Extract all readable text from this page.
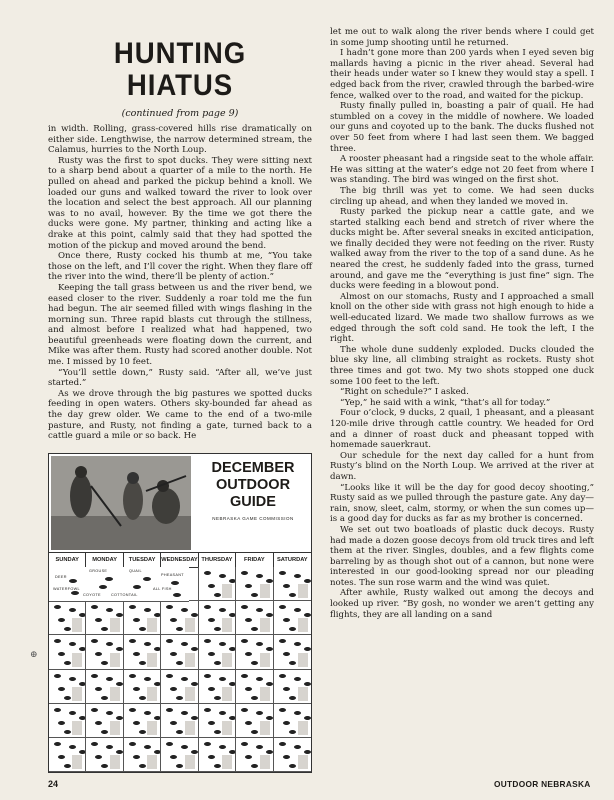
HUNTING HIATUS
(continued from page 9)

in width. Rolling, grass-covered hills rise dramatically on either side. Lengthwise, the narrow determined stream, the Calamus, hurries to the North Loup.

Rusty was the first to spot ducks. They were sitting next to a sharp bend about a quarter of a mile to the north. He pulled on ahead and parked the pickup behind a knoll. We loaded our guns and walked toward the river to look over the location and select the best approach. All our planning was to no avail, however. By the time we got there the ducks were gone. My partner, thinking and acting like a drake at this point, calmly said that they had spotted the motion of the pickup and moved around the bend.

Once there, Rusty cocked his thumb at me, “You take those on the left, and I’ll cover the right. When they flare off the river into the wind, there’ll be plenty of action.”

Keeping the tall grass between us and the river bend, we eased closer to the river. Suddenly a roar told me the fun had begun. The air seemed filled with wings flashing in the morning sun. Three rapid blasts cut through the stillness, and almost before I realized what had happened, two beautiful greenheads were floating down the current, and Mike was after them. Rusty had scored another double. Not me. I missed by 10 feet.

“You’ll settle down,” Rusty said. “After all, we’ve just started.”

As we drove through the big pastures we spotted ducks feeding in open waters. Others sky-bounded far ahead as the day grew older. We came to the end of a two-mile pasture, and Rusty, not finding a gate, turned back to a cattle guard a mile or so back. He

let me out to walk along the river bends where I could get in some jump shooting until he returned.

I hadn’t gone more than 200 yards when I eyed seven big mallards having a picnic in the river ahead. Several had their heads under water so I knew they would stay a spell. I edged back from the river, crawled through the barbed-wire fence, walked over to the road, and waited for the pickup.

Rusty finally pulled in, boasting a pair of quail. He had stumbled on a covey in the middle of nowhere. We loaded our guns and coyoted up to the bank. The ducks flushed not over 50 feet from where I had last seen them. We bagged three.

A rooster pheasant had a ringside seat to the whole affair. He was sitting at the water’s edge not 20 feet from where I was standing. The bird was winged on the first shot.

The big thrill was yet to come. We had seen ducks circling up ahead, and when they landed we moved in.

Rusty parked the pickup near a cattle gate, and we started stalking each bend and stretch of river where the ducks might be. After several sneaks in excited anticipation, we finally decided they were not feeding on the river. Rusty walked away from the river to the top of a sand dune. As he neared the crest, he suddenly faded into the grass, turned around, and gave me the “everything is just fine” sign. The ducks were feeding in a blowout pond.

Almost on our stomachs, Rusty and I approached a small knoll on the other side with grass not high enough to hide a well-educated lizard. We made two shallow furrows as we edged through the soft cold sand. He took the left, I the right.

The whole dune suddenly exploded. Ducks clouded the blue sky line, all climbing straight as rockets. Rusty shot three times and got two. My two shots stopped one duck some 100 feet to the left.

“Right on schedule?” I asked.

“Yep,” he said with a wink, “that’s all for today.”

Four o’clock, 9 ducks, 2 quail, 1 pheasant, and a pleasant 120-mile drive through cattle country. We headed for Ord and a dinner of roast duck and pheasant topped with homemade sauerkraut.

Our schedule for the next day called for a hunt from Rusty’s blind on the North Loup. We arrived at the river at dawn.

“Looks like it will be the day for good decoy shooting,” Rusty said as we pulled through the pasture gate. Any day—rain, snow, sleet, calm, stormy, or when the sun comes up—is a good day for ducks as far as my brother is concerned.

We set out two boatloads of plastic duck decoys. Rusty had made a dozen goose decoys from old truck tires and left them at the river. Singles, doubles, and a few flights come barreling by as though shot out of a cannon, but none were interested in our good-looking spread nor our pleading notes. The sun rose warm and the wind was quiet.

After awhile, Rusty walked out among the decoys and looked up river. “By gosh, no wonder we aren’t getting any flights, they are all landing on a sand

DECEMBER OUTDOOR GUIDE
NEBRASKA GAME COMMISSION
SUNDAY	MONDAY	TUESDAY	WEDNESDAY THURSDAY	FRIDAY	SATURDAY
DEER
GROUSE	QUAIL
PHEASANT
WATERFOWL
COYOTE	COTTONTAIL
ALL FISH
⊕
24	OUTDOOR NEBRASKA
